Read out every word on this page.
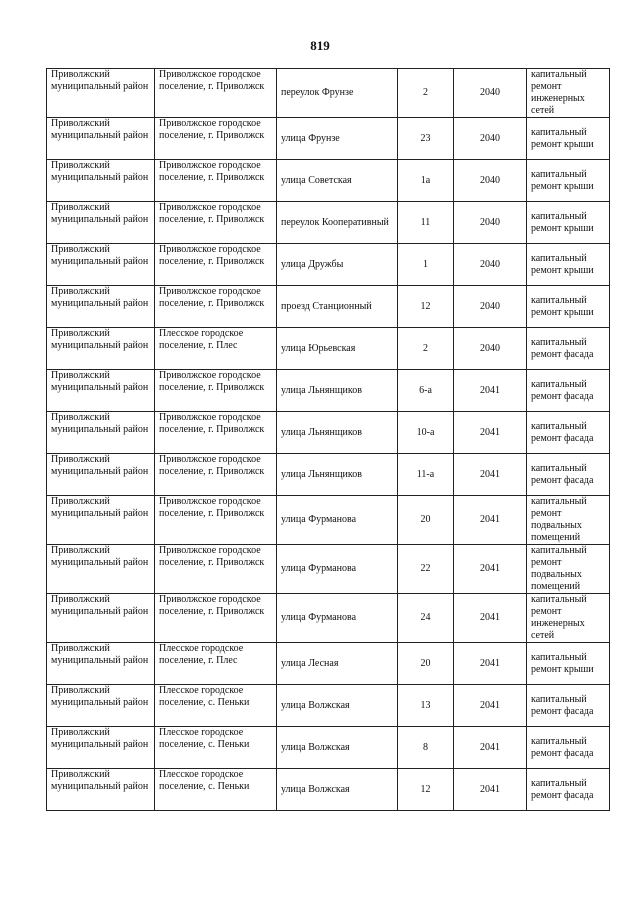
819
Приволжский муниципальный район	Приволжское городское поселение, г. Приволжск	переулок Фрунзе	2	2040	капитальный ремонт инженерных сетей
Приволжский муниципальный район	Приволжское городское поселение, г. Приволжск	улица Фрунзе	23	2040	капитальный ремонт крыши
Приволжский муниципальный район	Приволжское городское поселение, г. Приволжск	улица Советская	1а	2040	капитальный ремонт крыши
Приволжский муниципальный район	Приволжское городское поселение, г. Приволжск	переулок Кооперативный	11	2040	капитальный ремонт крыши
Приволжский муниципальный район	Приволжское городское поселение, г. Приволжск	улица Дружбы	1	2040	капитальный ремонт крыши
Приволжский муниципальный район	Приволжское городское поселение, г. Приволжск	проезд Станционный	12	2040	капитальный ремонт крыши
Приволжский муниципальный район	Плесское городское поселение, г. Плес	улица Юрьевская	2	2040	капитальный ремонт фасада
Приволжский муниципальный район	Приволжское городское поселение, г. Приволжск	улица Льнянщиков	6-а	2041	капитальный ремонт фасада
Приволжский муниципальный район	Приволжское городское поселение, г. Приволжск	улица Льнянщиков	10-а	2041	капитальный ремонт фасада
Приволжский муниципальный район	Приволжское городское поселение, г. Приволжск	улица Льнянщиков	11-а	2041	капитальный ремонт фасада
Приволжский муниципальный район	Приволжское городское поселение, г. Приволжск	улица Фурманова	20	2041	капитальный ремонт подвальных помещений
Приволжский муниципальный район	Приволжское городское поселение, г. Приволжск	улица Фурманова	22	2041	капитальный ремонт подвальных помещений
Приволжский муниципальный район	Приволжское городское поселение, г. Приволжск	улица Фурманова	24	2041	капитальный ремонт инженерных сетей
Приволжский муниципальный район	Плесское городское поселение, г. Плес	улица Лесная	20	2041	капитальный ремонт крыши
Приволжский муниципальный район	Плесское городское поселение, с. Пеньки	улица Волжская	13	2041	капитальный ремонт фасада
Приволжский муниципальный район	Плесское городское поселение, с. Пеньки	улица Волжская	8	2041	капитальный ремонт фасада
Приволжский муниципальный район	Плесское городское поселение, с. Пеньки	улица Волжская	12	2041	капитальный ремонт фасада
